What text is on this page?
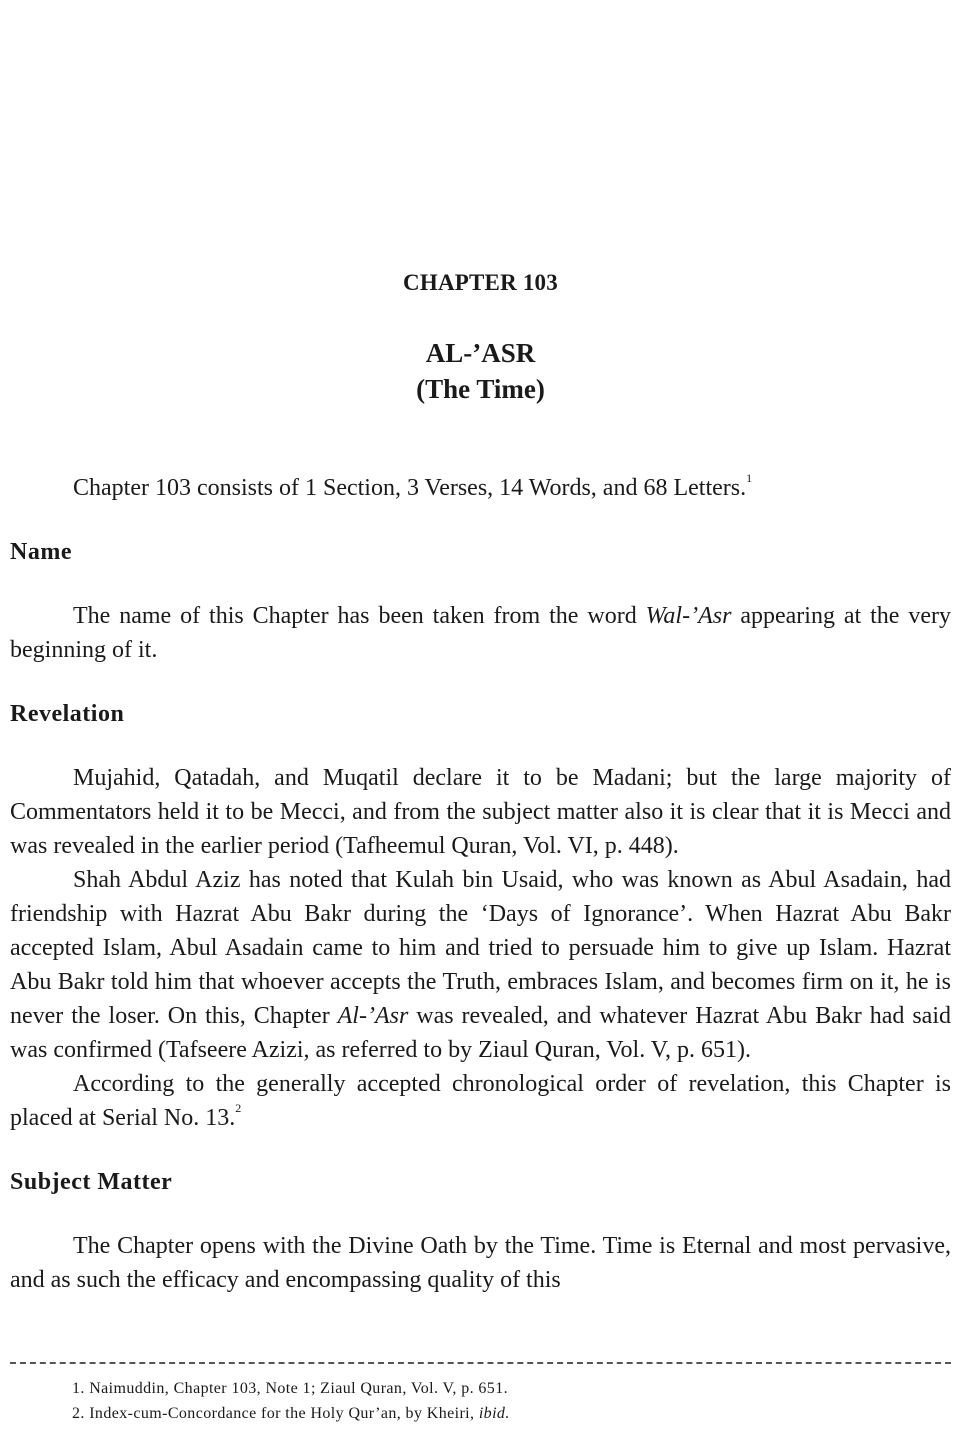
CHAPTER 103
AL-’ASR
(The Time)

Chapter 103 consists of 1 Section, 3 Verses, 14 Words, and 68 Letters.$^1$

Name

The name of this Chapter has been taken from the word Wal-’Asr appearing at the very beginning of it.

Revelation

Mujahid, Qatadah, and Muqatil declare it to be Madani; but the large majority of Commentators held it to be Mecci, and from the subject matter also it is clear that it is Mecci and was revealed in the earlier period (Tafheemul Quran, Vol. VI, p. 448).

Shah Abdul Aziz has noted that Kulah bin Usaid, who was known as Abul Asadain, had friendship with Hazrat Abu Bakr during the ‘Days of Ignorance’. When Hazrat Abu Bakr accepted Islam, Abul Asadain came to him and tried to persuade him to give up Islam. Hazrat Abu Bakr told him that whoever accepts the Truth, embraces Islam, and becomes firm on it, he is never the loser. On this, Chapter Al-’Asr was revealed, and whatever Hazrat Abu Bakr had said was confirmed (Tafseere Azizi, as referred to by Ziaul Quran, Vol. V, p. 651).

According to the generally accepted chronological order of revelation, this Chapter is placed at Serial No. 13.$^2$

Subject Matter

The Chapter opens with the Divine Oath by the Time. Time is Eternal and most pervasive, and as such the efficacy and encompassing quality of this

1. Naimuddin, Chapter 103, Note 1; Ziaul Quran, Vol. V, p. 651.
2. Index-cum-Concordance for the Holy Qur’an, by Kheiri, ibid.
